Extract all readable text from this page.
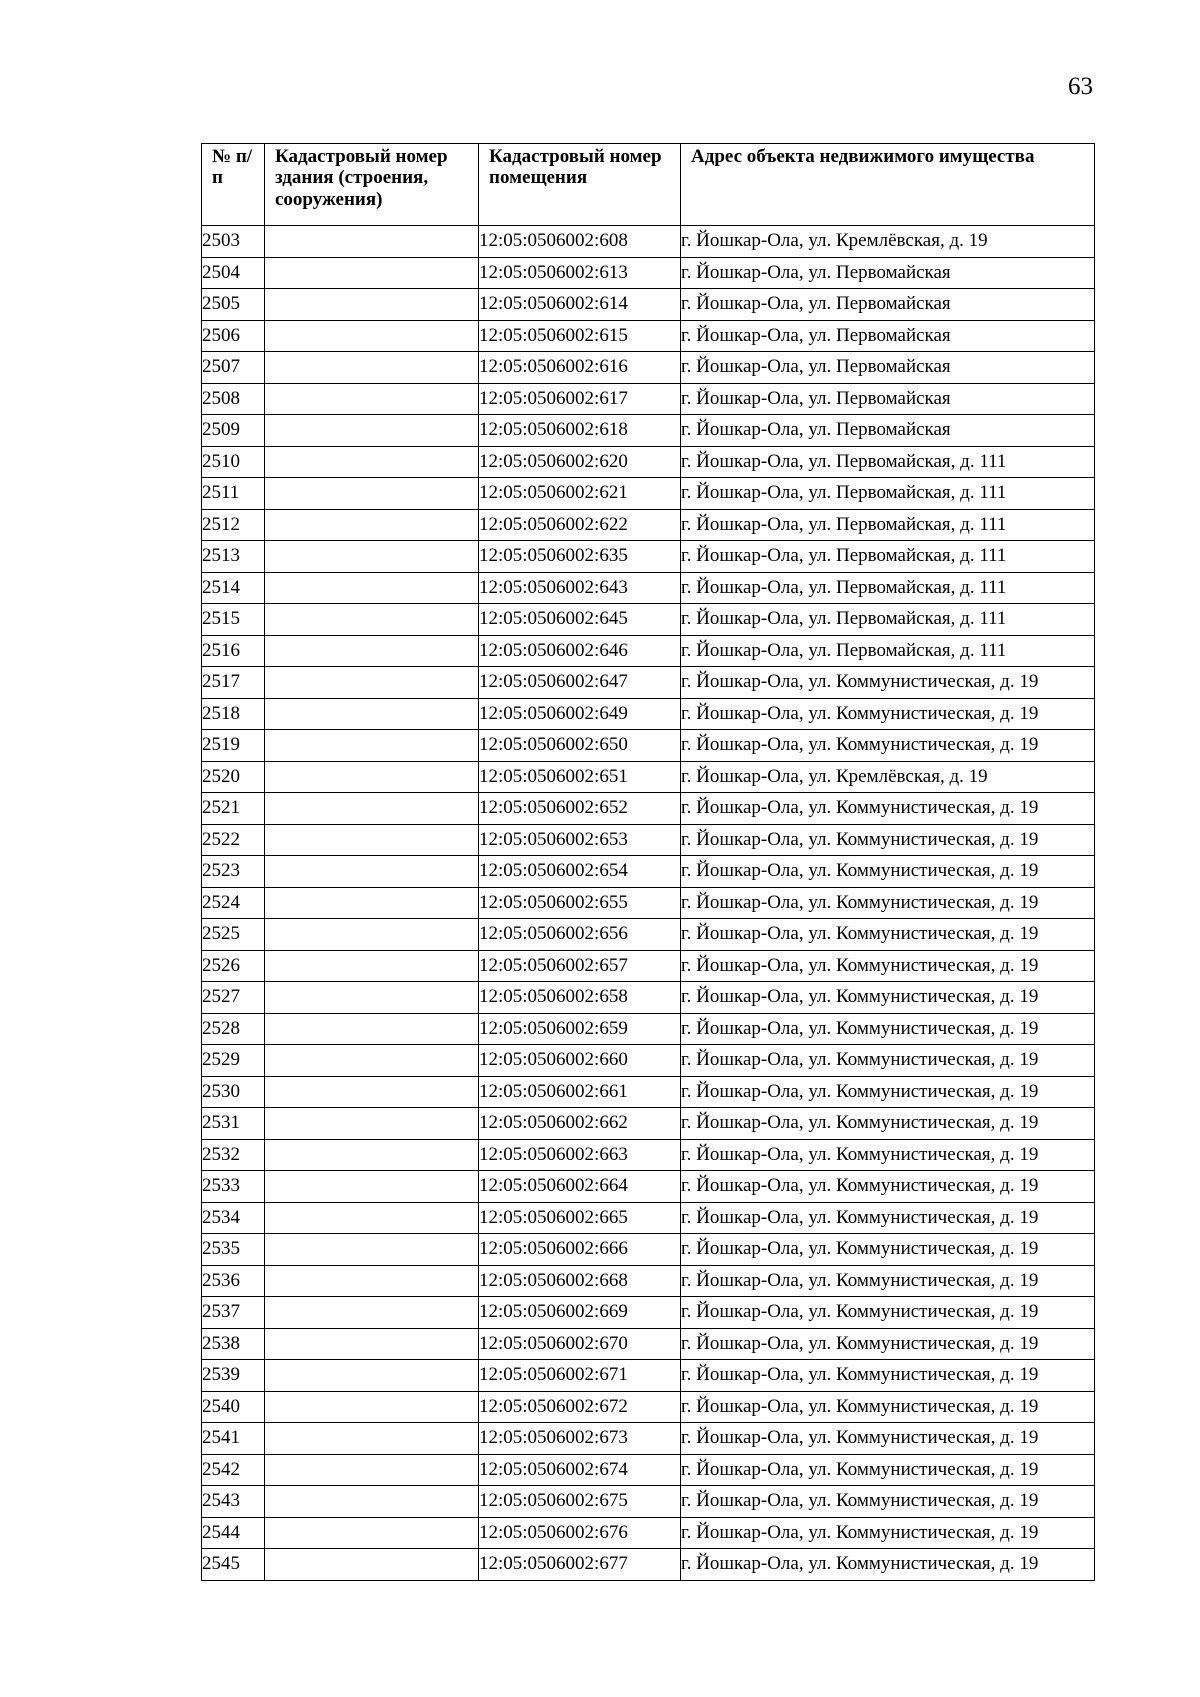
63
№ п/п	Кадастровый номер здания (строения, сооружения)	Кадастровый номер помещения	Адрес объекта недвижимого имущества
2503		12:05:0506002:608	г. Йошкар-Ола, ул. Кремлёвская, д. 19
2504		12:05:0506002:613	г. Йошкар-Ола, ул. Первомайская
2505		12:05:0506002:614	г. Йошкар-Ола, ул. Первомайская
2506		12:05:0506002:615	г. Йошкар-Ола, ул. Первомайская
2507		12:05:0506002:616	г. Йошкар-Ола, ул. Первомайская
2508		12:05:0506002:617	г. Йошкар-Ола, ул. Первомайская
2509		12:05:0506002:618	г. Йошкар-Ола, ул. Первомайская
2510		12:05:0506002:620	г. Йошкар-Ола, ул. Первомайская, д. 111
2511		12:05:0506002:621	г. Йошкар-Ола, ул. Первомайская, д. 111
2512		12:05:0506002:622	г. Йошкар-Ола, ул. Первомайская, д. 111
2513		12:05:0506002:635	г. Йошкар-Ола, ул. Первомайская, д. 111
2514		12:05:0506002:643	г. Йошкар-Ола, ул. Первомайская, д. 111
2515		12:05:0506002:645	г. Йошкар-Ола, ул. Первомайская, д. 111
2516		12:05:0506002:646	г. Йошкар-Ола, ул. Первомайская, д. 111
2517		12:05:0506002:647	г. Йошкар-Ола, ул. Коммунистическая, д. 19
2518		12:05:0506002:649	г. Йошкар-Ола, ул. Коммунистическая, д. 19
2519		12:05:0506002:650	г. Йошкар-Ола, ул. Коммунистическая, д. 19
2520		12:05:0506002:651	г. Йошкар-Ола, ул. Кремлёвская, д. 19
2521		12:05:0506002:652	г. Йошкар-Ола, ул. Коммунистическая, д. 19
2522		12:05:0506002:653	г. Йошкар-Ола, ул. Коммунистическая, д. 19
2523		12:05:0506002:654	г. Йошкар-Ола, ул. Коммунистическая, д. 19
2524		12:05:0506002:655	г. Йошкар-Ола, ул. Коммунистическая, д. 19
2525		12:05:0506002:656	г. Йошкар-Ола, ул. Коммунистическая, д. 19
2526		12:05:0506002:657	г. Йошкар-Ола, ул. Коммунистическая, д. 19
2527		12:05:0506002:658	г. Йошкар-Ола, ул. Коммунистическая, д. 19
2528		12:05:0506002:659	г. Йошкар-Ола, ул. Коммунистическая, д. 19
2529		12:05:0506002:660	г. Йошкар-Ола, ул. Коммунистическая, д. 19
2530		12:05:0506002:661	г. Йошкар-Ола, ул. Коммунистическая, д. 19
2531		12:05:0506002:662	г. Йошкар-Ола, ул. Коммунистическая, д. 19
2532		12:05:0506002:663	г. Йошкар-Ола, ул. Коммунистическая, д. 19
2533		12:05:0506002:664	г. Йошкар-Ола, ул. Коммунистическая, д. 19
2534		12:05:0506002:665	г. Йошкар-Ола, ул. Коммунистическая, д. 19
2535		12:05:0506002:666	г. Йошкар-Ола, ул. Коммунистическая, д. 19
2536		12:05:0506002:668	г. Йошкар-Ола, ул. Коммунистическая, д. 19
2537		12:05:0506002:669	г. Йошкар-Ола, ул. Коммунистическая, д. 19
2538		12:05:0506002:670	г. Йошкар-Ола, ул. Коммунистическая, д. 19
2539		12:05:0506002:671	г. Йошкар-Ола, ул. Коммунистическая, д. 19
2540		12:05:0506002:672	г. Йошкар-Ола, ул. Коммунистическая, д. 19
2541		12:05:0506002:673	г. Йошкар-Ола, ул. Коммунистическая, д. 19
2542		12:05:0506002:674	г. Йошкар-Ола, ул. Коммунистическая, д. 19
2543		12:05:0506002:675	г. Йошкар-Ола, ул. Коммунистическая, д. 19
2544		12:05:0506002:676	г. Йошкар-Ола, ул. Коммунистическая, д. 19
2545		12:05:0506002:677	г. Йошкар-Ола, ул. Коммунистическая, д. 19
